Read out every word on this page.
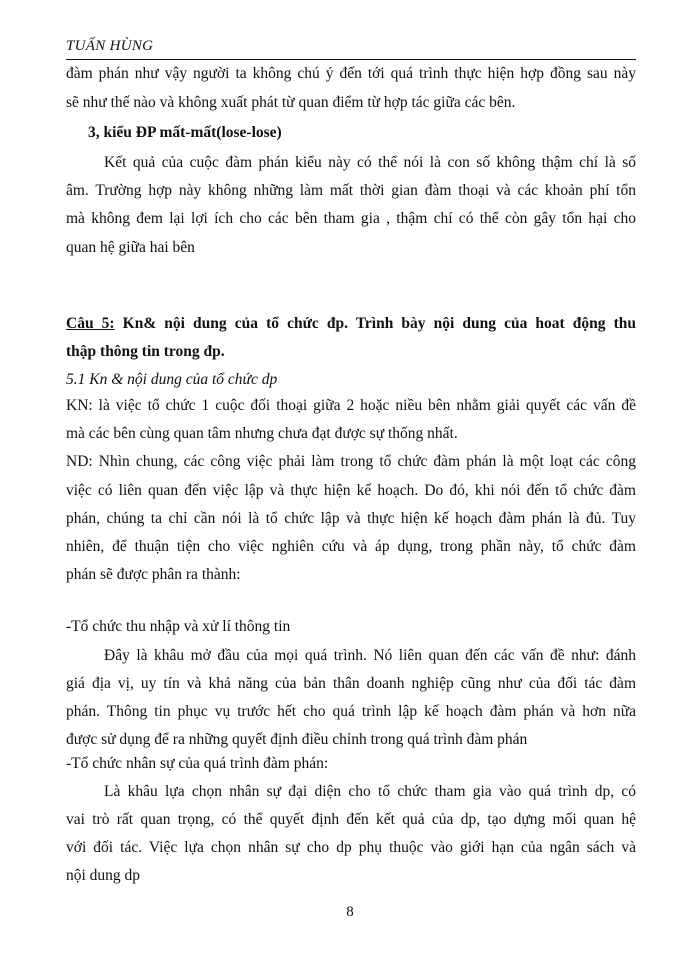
TUẤN HÙNG
đàm phán như vậy người ta không chú ý đến tới quá trình thực hiện hợp đồng sau này
sẽ như thế nào và không xuất phát từ quan điểm từ hợp tác giữa các bên.
3, kiểu ĐP mất-mất(lose-lose)
Kết quả của cuộc đàm phán kiểu này có thể nói là con số không thậm chí là số
âm. Trường hợp này không những làm mất thời gian đàm thoại và các khoản phí tổn
mà không đem lại lợi ích cho các bên tham gia , thậm chí có thể còn gây tổn hại cho
quan hệ giữa hai bên
Câu 5: Kn& nội dung của tổ chức đp. Trình bày nội dung của hoat động thu
thập thông tin trong đp.
5.1 Kn & nội dung của tổ chức dp
KN: là việc tổ chức 1 cuộc đối thoại giữa 2 hoặc niều bên nhằm giải quyết các vấn đề
mà các bên cùng quan tâm nhưng chưa đạt được sự thống nhất.
ND: Nhìn chung, các công việc phải làm trong tổ chức đàm phán là một loạt các công
việc có liên quan đến việc lập và thực hiện kế hoạch. Do đó, khi nói đến tổ chức đàm
phán, chúng ta chỉ cần nói là tổ chức lập và thực hiện kế hoạch đàm phán là đủ. Tuy
nhiên, để thuận tiện cho việc nghiên cứu và áp dụng, trong phần này, tổ chức đàm
phán sẽ được phân ra thành:
-Tổ chức thu nhập và xử lí thông tin
Đây là khâu mở đầu của mọi quá trình. Nó liên quan đến các vấn đề như: đánh
giá địa vị, uy tín và khả năng của bản thân doanh nghiệp cũng như của đối tác đàm
phán. Thông tin phục vụ trước hết cho quá trình lập kế hoạch đàm phán và hơn nữa
được sử dụng để ra những quyết định điều chỉnh trong quá trình đàm phán
-Tổ chức nhân sự của quá trình đàm phán:
Là khâu lựa chọn nhân sự đại diện cho tổ chức tham gia vào quá trình dp, có
vai trò rất quan trọng, có thể quyết định đến kết quả của dp, tạo dựng mối quan hệ
với đối tác. Việc lựa chọn nhân sự cho dp phụ thuộc vào giới hạn của ngân sách và
nội dung dp
8
